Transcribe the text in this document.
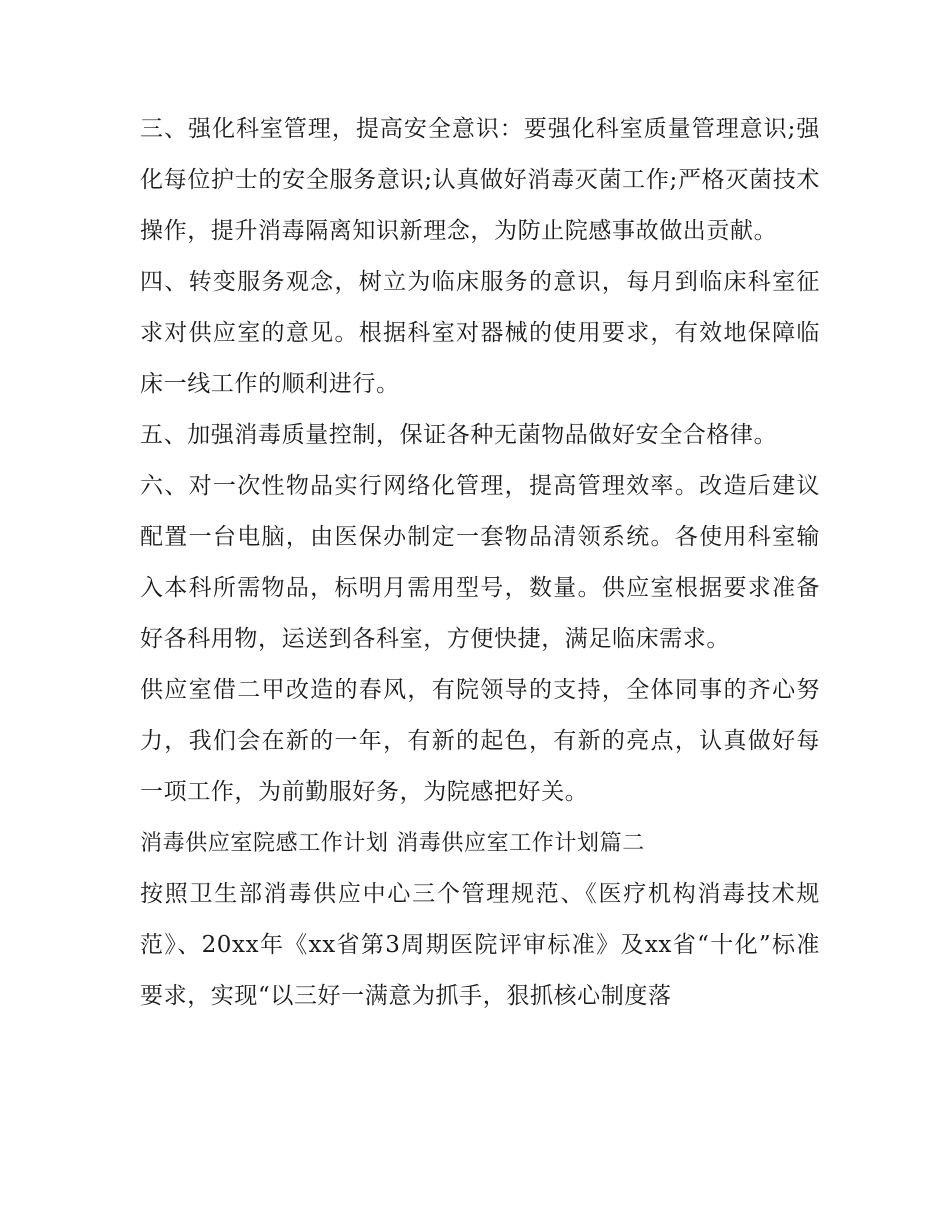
三、强化科室管理，提高安全意识：要强化科室质量管理意识;强化每位护士的安全服务意识;认真做好消毒灭菌工作;严格灭菌技术操作，提升消毒隔离知识新理念，为防止院感事故做出贡献。

四、转变服务观念，树立为临床服务的意识，每月到临床科室征求对供应室的意见。根据科室对器械的使用要求，有效地保障临床一线工作的顺利进行。

五、加强消毒质量控制，保证各种无菌物品做好安全合格律。

六、对一次性物品实行网络化管理，提高管理效率。改造后建议配置一台电脑，由医保办制定一套物品清领系统。各使用科室输入本科所需物品，标明月需用型号，数量。供应室根据要求准备好各科用物，运送到各科室，方便快捷，满足临床需求。

供应室借二甲改造的春风，有院领导的支持，全体同事的齐心努力，我们会在新的一年，有新的起色，有新的亮点，认真做好每一项工作，为前勤服好务，为院感把好关。

消毒供应室院感工作计划 消毒供应室工作计划篇二

按照卫生部消毒供应中心三个管理规范、《医疗机构消毒技术规范》、20xx年《xx省第3周期医院评审标准》及xx省“十化”标准要求，实现“以三好一满意为抓手，狠抓核心制度落
